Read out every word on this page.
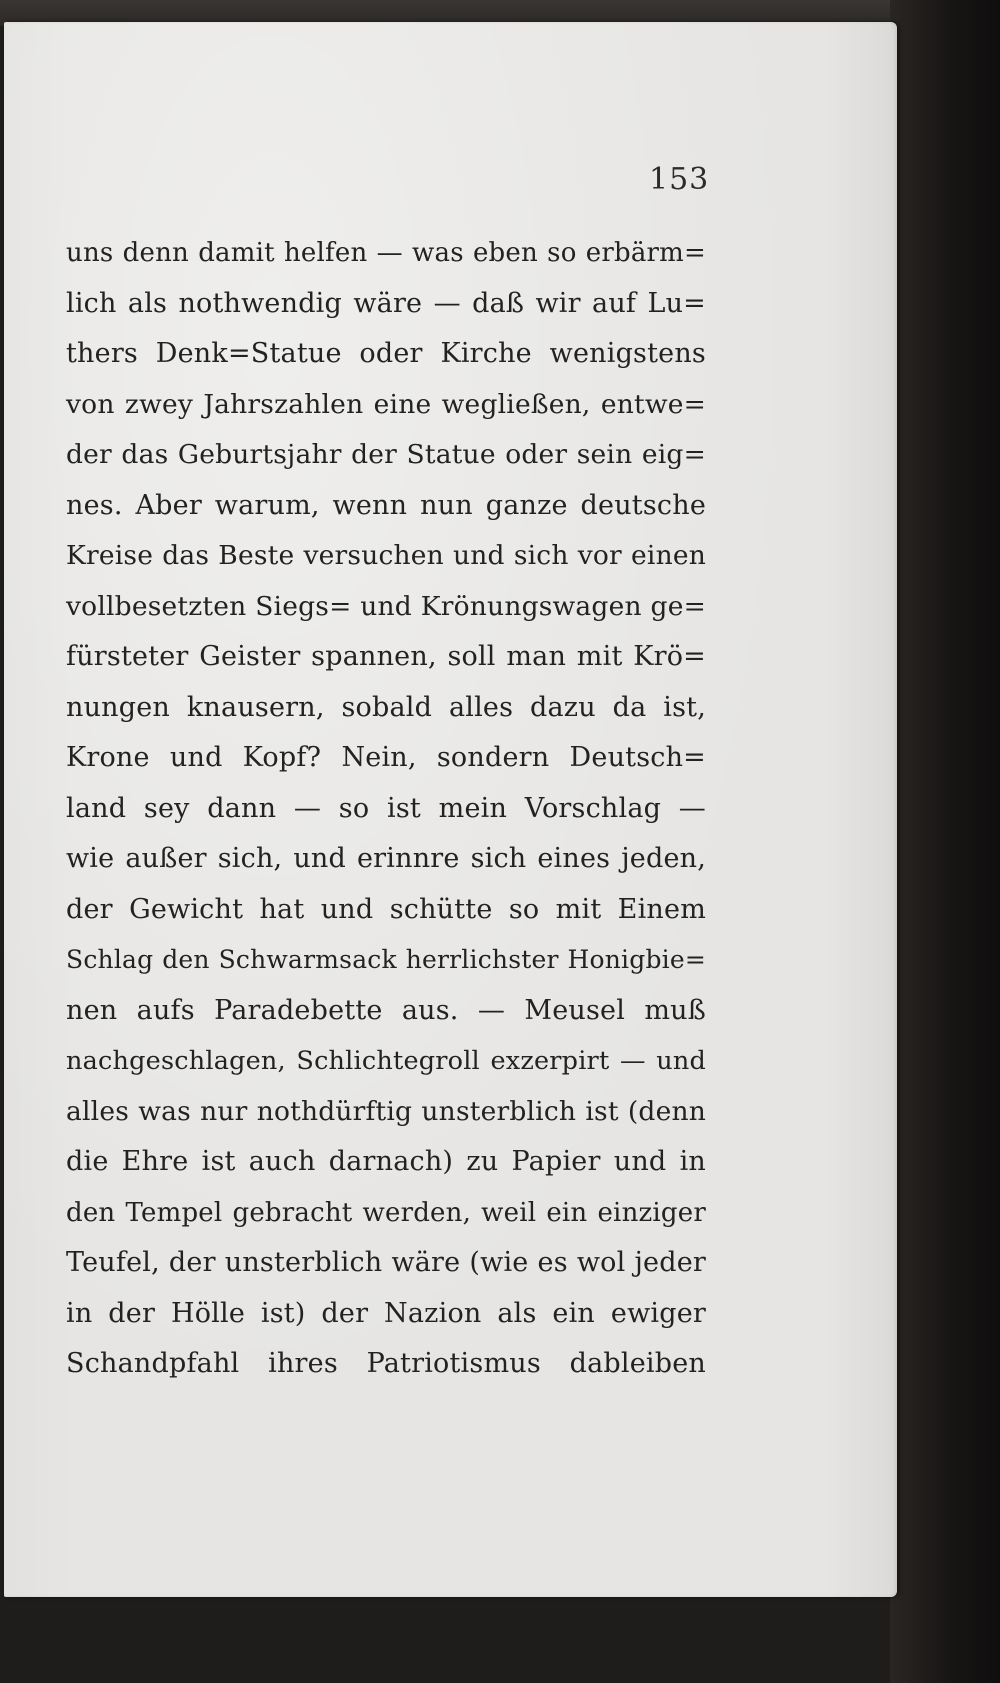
153
uns denn damit helfen — was eben so erbärm=
lich als nothwendig wäre — daß wir auf Lu=
thers Denk=Statue oder Kirche wenigstens
von zwey Jahrszahlen eine wegließen, entwe=
der das Geburtsjahr der Statue oder sein eig=
nes. Aber warum, wenn nun ganze deutsche
Kreise das Beste versuchen und sich vor einen
vollbesetzten Siegs= und Krönungswagen ge=
fürsteter Geister spannen, soll man mit Krö=
nungen knausern, sobald alles dazu da ist,
Krone und Kopf? Nein, sondern Deutsch=
land sey dann — so ist mein Vorschlag —
wie außer sich, und erinnre sich eines jeden,
der Gewicht hat und schütte so mit Einem
Schlag den Schwarmsack herrlichster Honigbie=
nen aufs Paradebette aus. — Meusel muß
nachgeschlagen, Schlichtegroll exzerpirt — und
alles was nur nothdürftig unsterblich ist (denn
die Ehre ist auch darnach) zu Papier und in
den Tempel gebracht werden, weil ein einziger
Teufel, der unsterblich wäre (wie es wol jeder
in der Hölle ist) der Nazion als ein ewiger
Schandpfahl ihres Patriotismus dableiben
